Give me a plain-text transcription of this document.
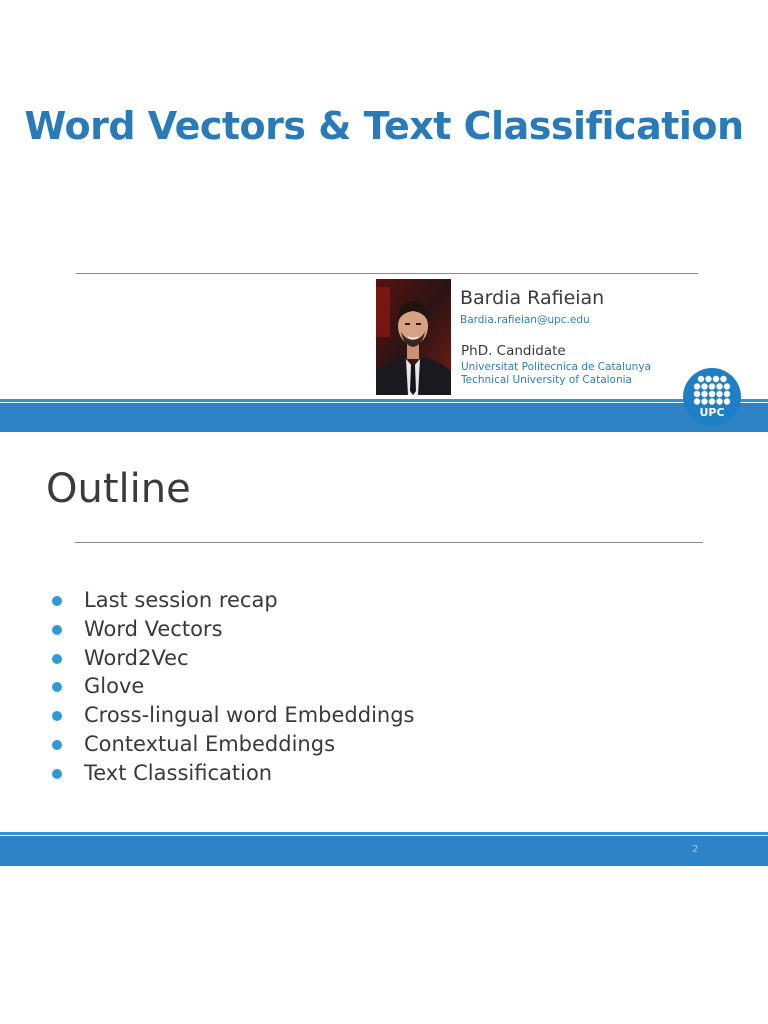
Word Vectors & Text Classification
Bardia Rafieian
Bardia.rafieian@upc.edu
PhD. Candidate
Universitat Politecnica de Catalunya
Technical University of Catalonia
UPC
Outline
Last session recap
Word Vectors
Word2Vec
Glove
Cross-lingual word Embeddings
Contextual Embeddings
Text Classification
2
